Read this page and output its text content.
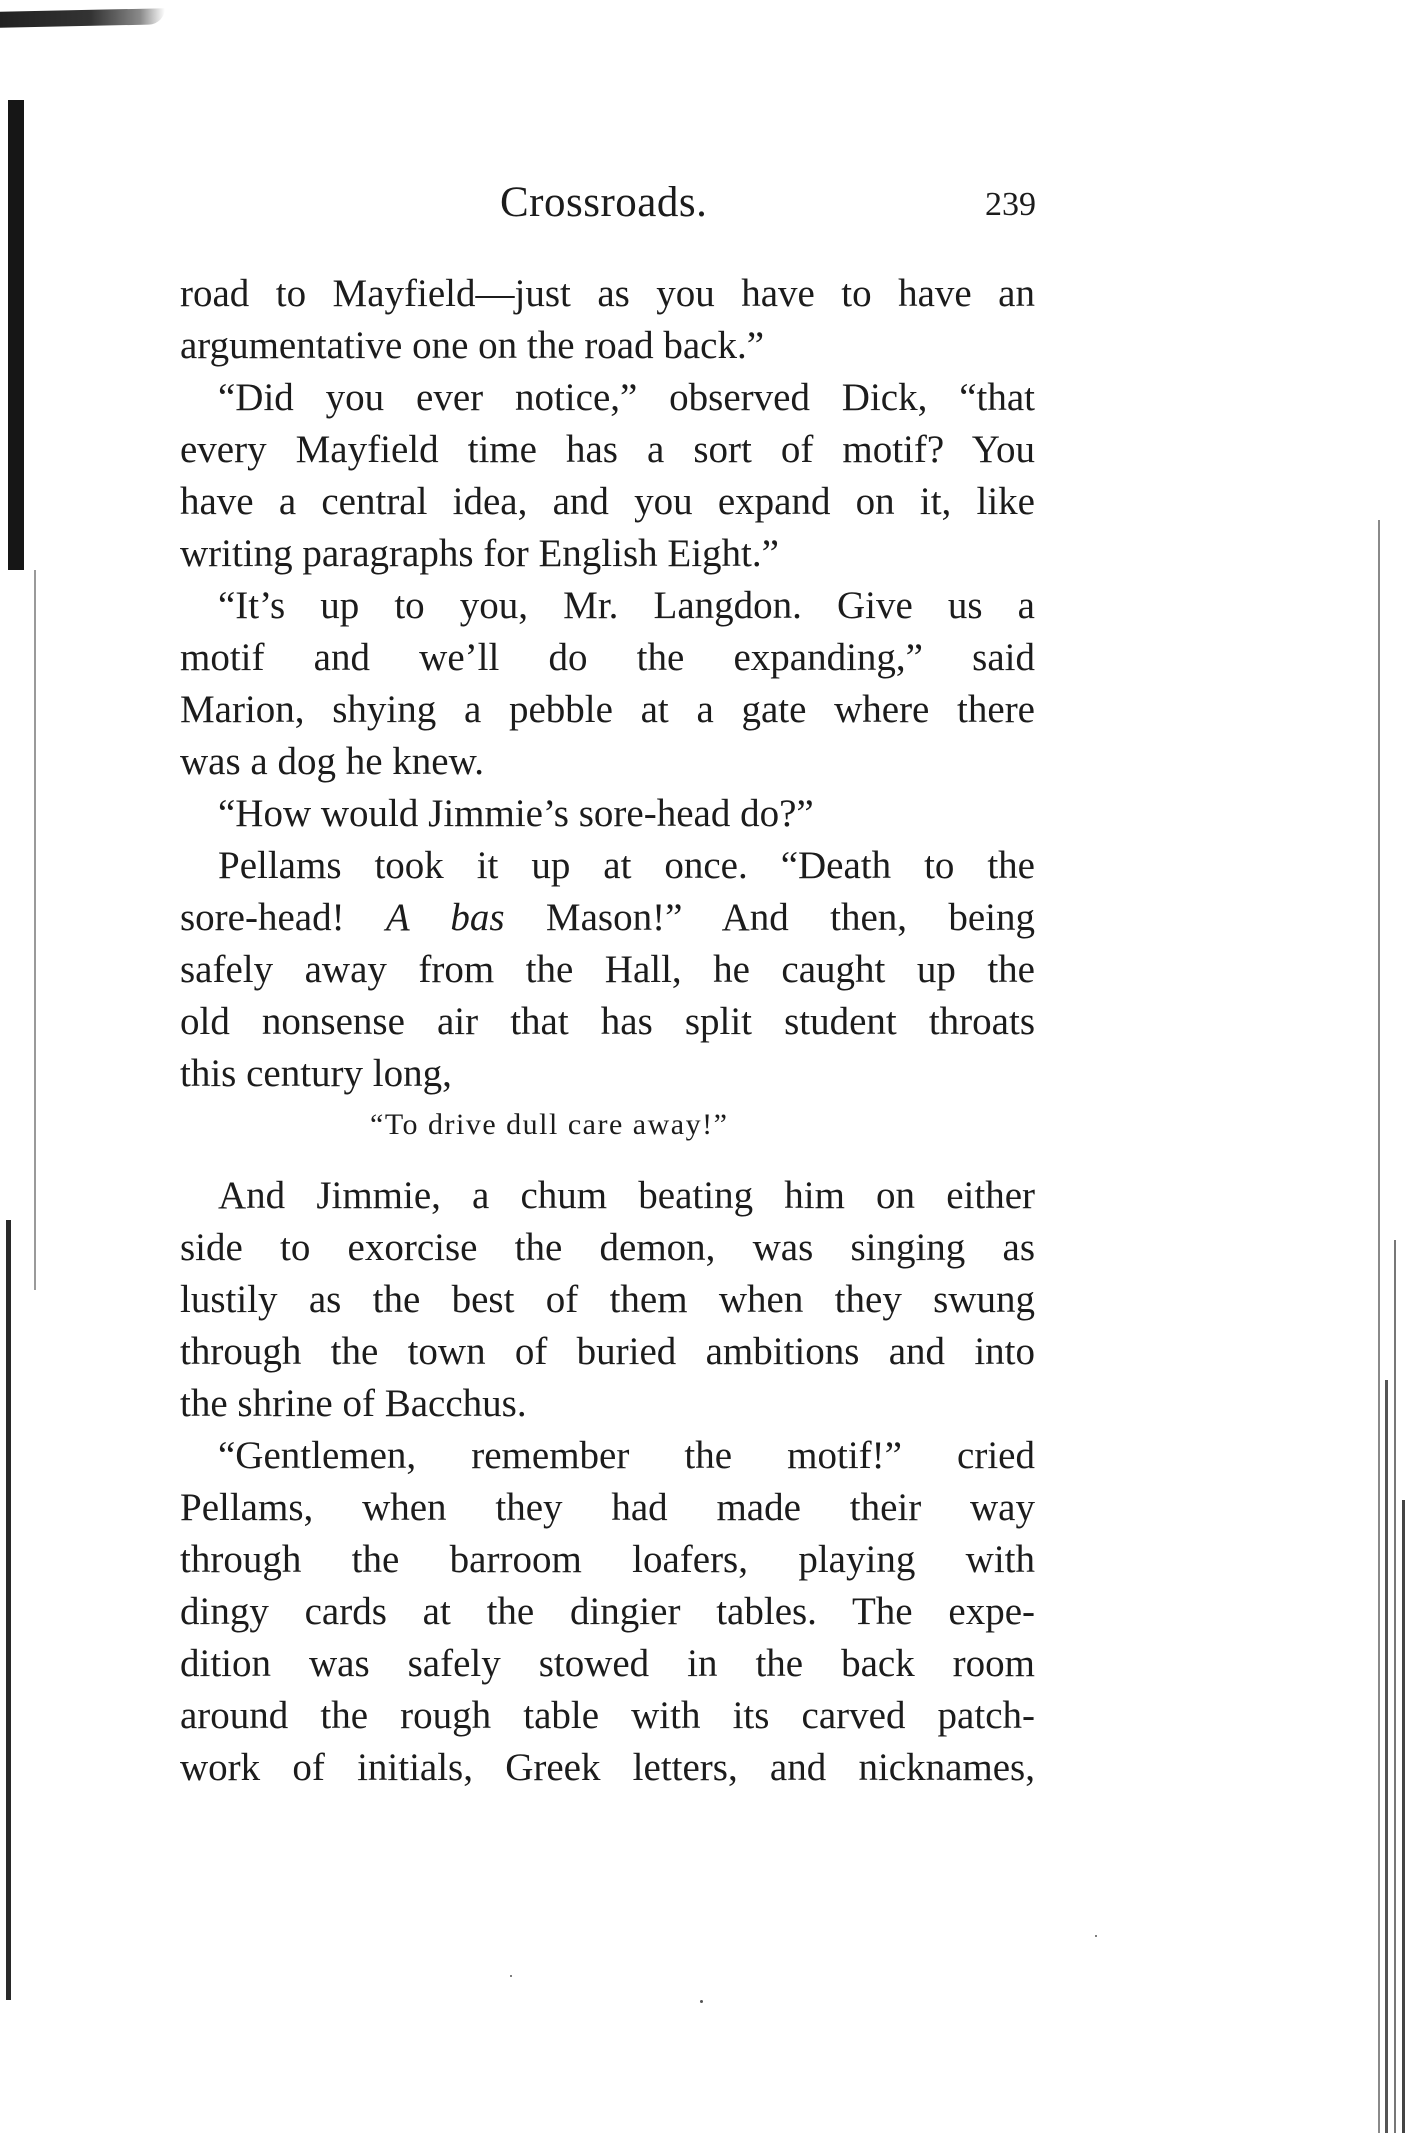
Crossroads.	239
road to Mayfield—just as you have to have an
argumentative one on the road back.”
“Did you ever notice,” observed Dick, “that
every Mayfield time has a sort of motif? You
have a central idea, and you expand on it, like
writing paragraphs for English Eight.”
“It’s up to you, Mr. Langdon. Give us a
motif and we’ll do the expanding,” said
Marion, shying a pebble at a gate where there
was a dog he knew.
“How would Jimmie’s sore-head do?”
Pellams took it up at once. “Death to the
sore-head! A bas Mason!” And then, being
safely away from the Hall, he caught up the
old nonsense air that has split student throats
this century long,
“To drive dull care away!”
And Jimmie, a chum beating him on either
side to exorcise the demon, was singing as
lustily as the best of them when they swung
through the town of buried ambitions and into
the shrine of Bacchus.
“Gentlemen, remember the motif!” cried
Pellams, when they had made their way
through the barroom loafers, playing with
dingy cards at the dingier tables. The expe-
dition was safely stowed in the back room
around the rough table with its carved patch-
work of initials, Greek letters, and nicknames,
